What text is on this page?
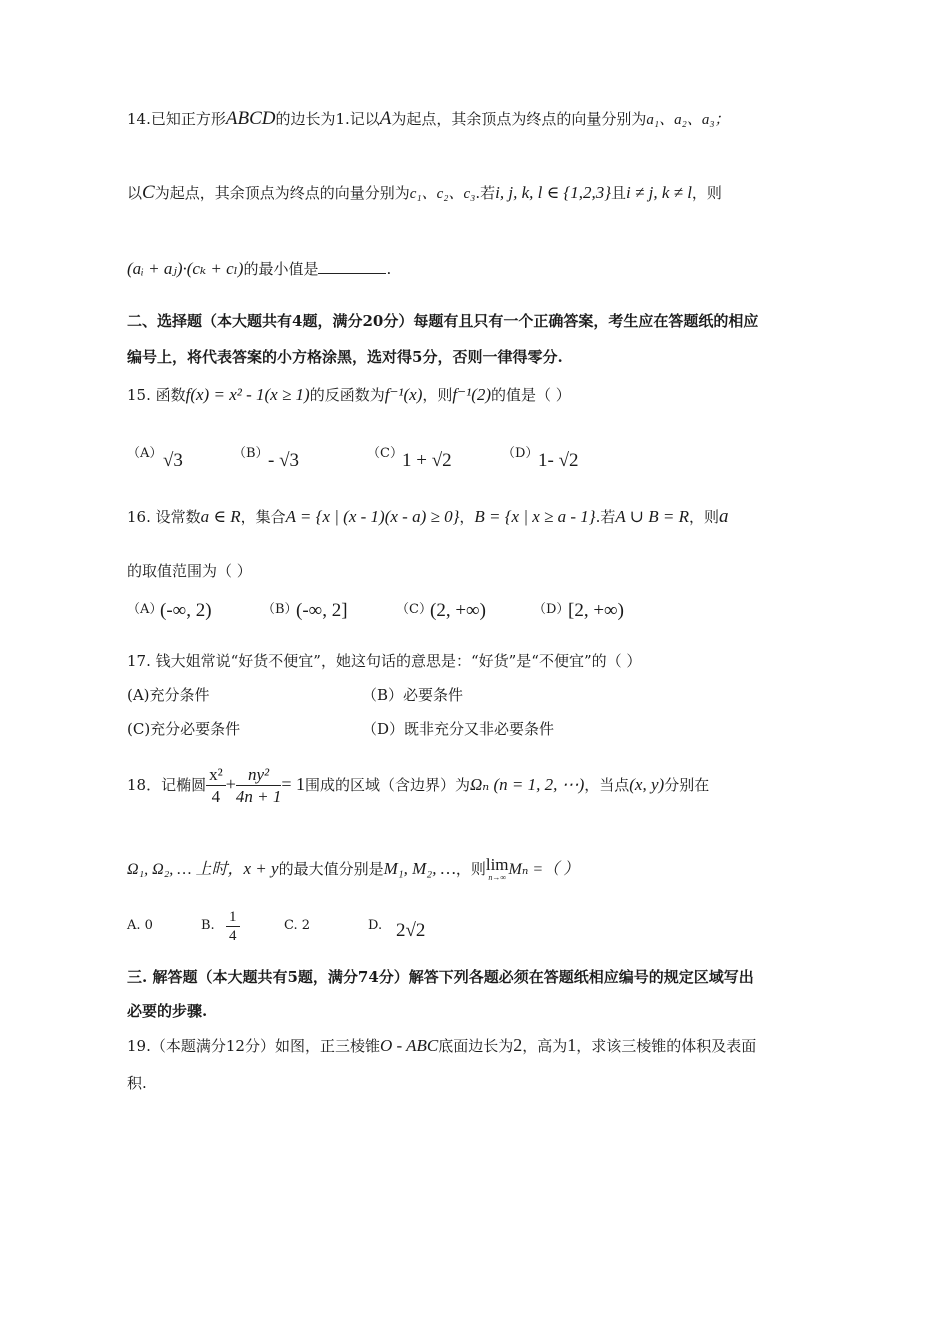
14.已知正方形ABCD的边长为1.记以A为起点，其余顶点为终点的向量分别为a₁、a₂、a₃；
以C为起点，其余顶点为终点的向量分别为c₁、c₂、c₃.若i, j, k, l ∈ {1,2,3}且i ≠ j, k ≠ l，则
(aᵢ + aⱼ)·(cₖ + cₗ)的最小值是	.
二、选择题（本大题共有4题，满分20分）每题有且只有一个正确答案，考生应在答题纸的相应
编号上，将代表答案的小方格涂黑，选对得5分，否则一律得零分.
15. 函数f(x) = x² - 1(x ≥ 1)的反函数为f⁻¹(x)，则f⁻¹(2)的值是（ ）
（A） √3	（B） - √3	（C） 1 + √2	（D） 1- √2
16. 设常数a ∈ R，集合A = {x | (x - 1)(x - a) ≥ 0}，B = {x | x ≥ a - 1}.若A ∪ B = R，则a
的取值范围为（ ）
（A）
(-∞, 2)	（B）
(-∞, 2]	（C）
(2, +∞)	（D）
[2, +∞)
17. 钱大姐常说“好货不便宜”，她这句话的意思是：“好货”是“不便宜”的（ ）
(A)充分条件	（B）必要条件
(C)充分必要条件	（D）既非充分又非必要条件
18．记椭圆 $\frac{\text{x²}}{4} + \frac{\text{ny²}}{4n + 1} = 1$围成的区域（含边界）为Ωₙ (n = 1, 2, ⋯)，当点(x, y)分别在
Ω₁, Ω₂, … 上时，x + y的最大值分别是M₁, M₂, …，则 lim
n→∞ Mₙ =（ ）
A. 0	B. $\frac{1}{4}$	C. 2	D. 2√2
三. 解答题（本大题共有5题，满分74分）解答下列各题必须在答题纸相应编号的规定区域写出
必要的步骤.
19.（本题满分12分）如图，正三棱锥O - ABC底面边长为2，高为1，求该三棱锥的体积及表面
积.
